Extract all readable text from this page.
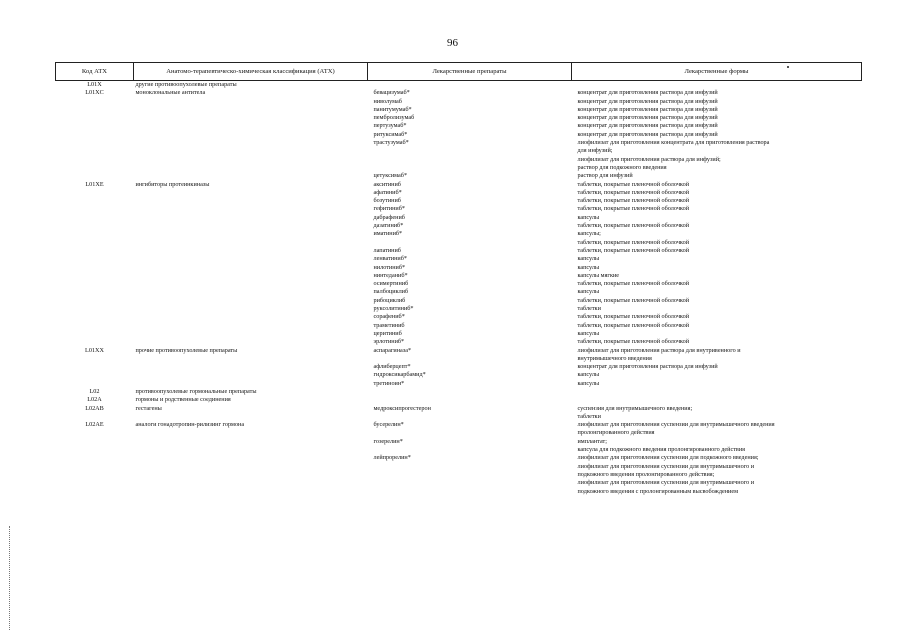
96
Код АТХ	Анатомо-терапевтическо-химическая классификация (АТХ)	Лекарственные препараты	Лекарственные формы
L01X	другие противоопухолевые препараты		
L01XC	моноклональные антитела	бевацизумаб*	концентрат для приготовления раствора для инфузий
		ниволумаб	концентрат для приготовления раствора для инфузий
		панитумумаб*	концентрат для приготовления раствора для инфузий
		пембролизумаб	концентрат для приготовления раствора для инфузий
		пертузумаб*	концентрат для приготовления раствора для инфузий
		ритуксимаб*	концентрат для приготовления раствора для инфузий
		трастузумаб*	лиофилизат для приготовления концентрата для приготовления раствора
			для инфузий;
			лиофилизат для приготовления раствора для инфузий;
			раствор для подкожного введения
		цетуксимаб*	раствор для инфузий
L01XE	ингибиторы протеинкиназы	акситиниб	таблетки, покрытые пленочной оболочкой
		афатиниб*	таблетки, покрытые пленочной оболочкой
		бозутиниб	таблетки, покрытые пленочной оболочкой
		гефитиниб*	таблетки, покрытые пленочной оболочкой
		дабрафениб	капсулы
		дазатиниб*	таблетки, покрытые пленочной оболочкой
		иматиниб*	капсулы;
			таблетки, покрытые пленочной оболочкой
		лапатиниб	таблетки, покрытые пленочной оболочкой
		ленватиниб*	капсулы
		нилотиниб*	капсулы
		нинтеданиб*	капсулы мягкие
		осимертиниб	таблетки, покрытые пленочной оболочкой
		палбоциклиб	капсулы
		рибоциклиб	таблетки, покрытые пленочной оболочкой
		руксолитиниб*	таблетки
		сорафениб*	таблетки, покрытые пленочной оболочкой
		траметиниб	таблетки, покрытые пленочной оболочкой
		церитиниб	капсулы
		эрлотиниб*	таблетки, покрытые пленочной оболочкой
L01XX	прочие противоопухолевые препараты	аспарагиназа*	лиофилизат для приготовления раствора для внутривенного и
			внутримышечного введения
		афлиберцепт*	концентрат для приготовления раствора для инфузий
		гидроксикарбамид*	капсулы
		третиноин*	капсулы
L02	противоопухолевые гормональные препараты		
L02A	гормоны и родственные соединения		
L02AB	гестагены	медроксипрогестерон	суспензия для внутримышечного введения;
			таблетки
L02AE	аналоги гонадотропин-рилизинг гормона	бусерелин*	лиофилизат для приготовления суспензии для внутримышечного введения
			пролонгированного действия
		гозерелин*	имплантат;
			капсула для подкожного введения пролонгированного действия
		лейпрорелин*	лиофилизат для приготовления суспензии для подкожного введения;
			лиофилизат для приготовления суспензии для внутримышечного и
			подкожного введения пролонгированного действия;
			лиофилизат для приготовления суспензии для внутримышечного и
			подкожного введения с пролонгированным высвобождением
